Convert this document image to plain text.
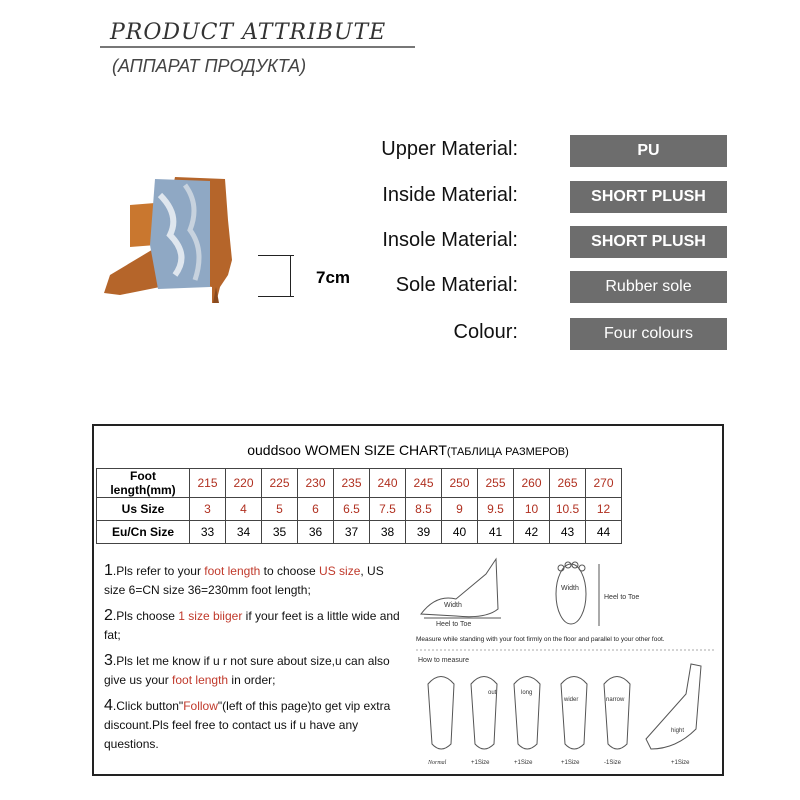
PRODUCT ATTRIBUTE
(АППАРАТ ПРОДУКТА)
7cm
Upper Material:	PU
Inside Material:	SHORT PLUSH
Insole Material:	SHORT PLUSH
Sole Material:	Rubber sole
Colour:	Four colours
ouddsoo WOMEN SIZE CHART(ТАБЛИЦА РАЗМЕРОВ)
Foot length(mm)	215	220	225	230	235	240	245	250	255	260	265	270
Us Size	3	4	5	6	6.5	7.5	8.5	9	9.5	10	10.5	12
Eu/Cn Size	33	34	35	36	37	38	39	40	41	42	43	44

1.Pls refer to your foot length to choose US size, US size 6=CN size 36=230mm foot length;

2.Pls choose 1 size biiger if your feet is a little wide and fat;

3.Pls let me know if u r not sure about size,u can also give us your foot length in order;

4.Click button"Follow"(left of this page)to get vip extra discount.Pls feel free to contact us if u have any questions.

Width
Heel to Toe
Width
Heel to Toe
Measure while standing with your foot firmly on the floor and parallel to your other foot.
How to measure
out	long
wider	narrow
hight
Normal	+1Size	+1Size	+1Size	-1Size	+1Size
